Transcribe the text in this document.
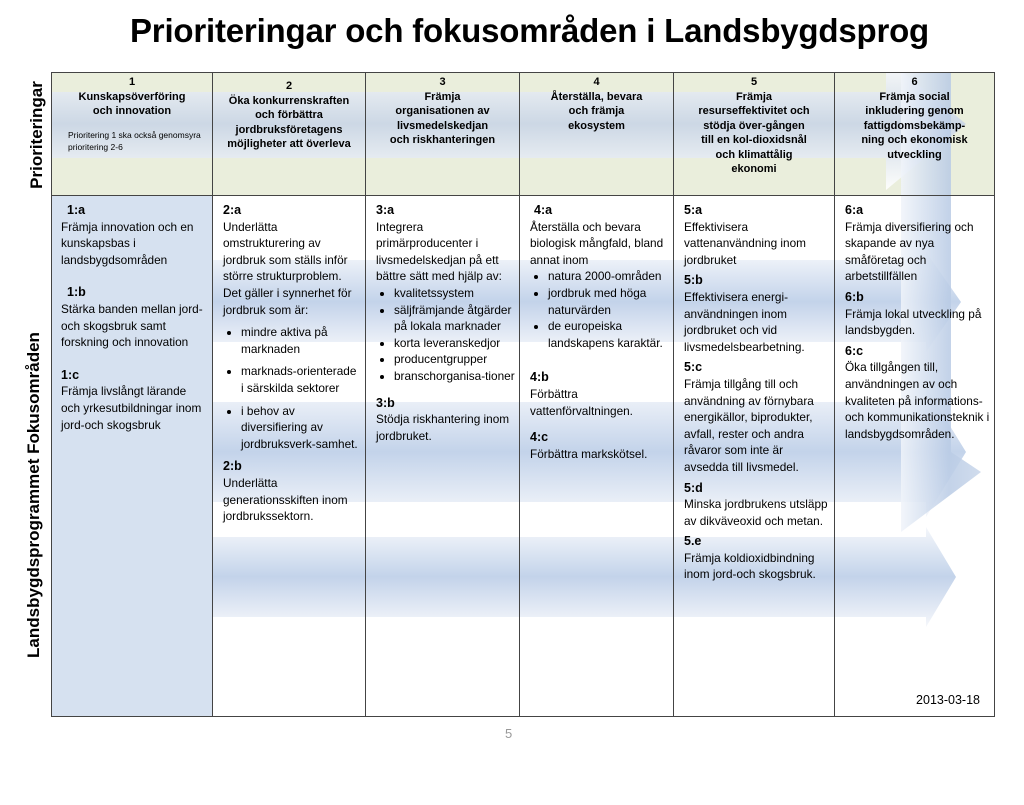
Prioriteringar och fokusområden i Landsbygdsprog
Prioriteringar
Landsbygdsprogrammet Fokusområden
1
Kunskapsöverföring och innovation
Prioritering 1 ska också genomsyra prioritering 2-6
2
Öka konkurrenskraften och förbättra jordbruksföretagens möjligheter att överleva
3
Främja organisationen av livsmedelskedjan och riskhanteringen
4
Återställa, bevara och främja ekosystem
5
Främja resurseffektivitet och stödja över-gången till en kol-dioxidsnål och klimattålig ekonomi
6
Främja social inkludering genom fattigdomsbekämp-ning och ekonomisk utveckling
1:a
Främja innovation och en kunskapsbas i landsbygdsområden
1:b
Stärka banden mellan jord- och skogsbruk samt forskning och innovation
1:c
Främja livslångt lärande och yrkesutbildningar inom jord-och skogsbruk
2:a
Underlätta omstrukturering av jordbruk som ställs inför större strukturproblem. Det gäller i synnerhet för jordbruk som är:
• mindre aktiva på marknaden
• marknads-orienterade i särskilda sektorer
• i behov av diversifiering av jordbruksverk-samhet.
2:b
Underlätta generationsskiften inom jordbrukssektorn.
3:a
Integrera primärproducenter i livsmedelskedjan på ett bättre sätt med hjälp av:
• kvalitetssystem
• säljfrämjande åtgärder på lokala marknader
• korta leveranskedjor
• producentgrupper
• branschorganisa-tioner
3:b
Stödja riskhantering inom jordbruket.
4:a
Återställa och bevara biologisk mångfald, bland annat inom
• natura 2000-områden
• jordbruk med höga naturvärden
• de europeiska landskapens karaktär.
4:b
Förbättra vattenförvaltningen.
4:c
Förbättra markskötsel.
5:a
Effektivisera vattenanvändning inom jordbruket
5:b
Effektivisera energi-användningen inom jordbruket och vid livsmedelsbearbetning.
5:c
Främja tillgång till och användning av förnybara energikällor, biprodukter, avfall, rester och andra råvaror som inte är avsedda till livsmedel.
5:d
Minska jordbrukens utsläpp av dikväveoxid och metan.
5.e
Främja koldioxidbindning inom jord-och skogsbruk.
6:a
Främja diversifiering och skapande av nya småföretag och arbetstillfällen
6:b
Främja lokal utveckling på landsbygden.
6:c
Öka tillgången till, användningen av och kvaliteten på informations-och kommunikationsteknik i landsbygdsområden.
2013-03-18
5
